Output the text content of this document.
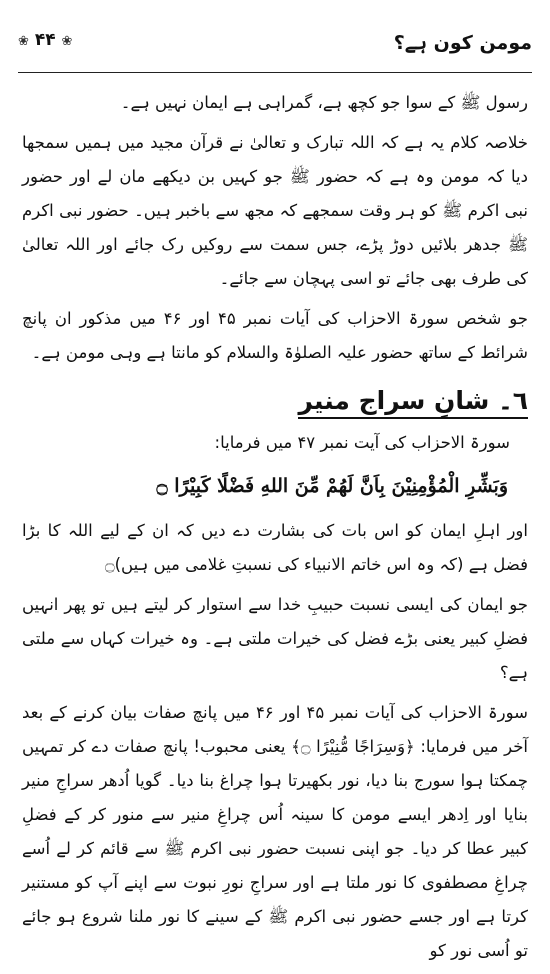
مومن کون ہے؟
❀ ۴۴ ❀

رسول ﷺ کے سوا جو کچھ ہے، گمراہی ہے ایمان نہیں ہے۔

خلاصہ کلام یہ ہے کہ اللہ تبارک و تعالیٰ نے قرآن مجید میں ہمیں سمجھا دیا کہ مومن وہ ہے کہ حضور ﷺ جو کہیں بن دیکھے مان لے اور حضور نبی اکرم ﷺ کو ہر وقت سمجھے کہ مجھ سے باخبر ہیں۔ حضور نبی اکرم ﷺ جدھر بلائیں دوڑ پڑے، جس سمت سے روکیں رک جائے اور اللہ تعالیٰ کی طرف بھی جائے تو اسی پہچان سے جائے۔

جو شخص سورۃ الاحزاب کی آیات نمبر ۴۵ اور ۴۶ میں مذکور ان پانچ شرائط کے ساتھ حضور علیہ الصلوٰۃ والسلام کو مانتا ہے وہی مومن ہے۔

٦۔ شانِ سراج منیر

سورۃ الاحزاب کی آیت نمبر ۴۷ میں فرمایا:

وَبَشِّرِ الْمُؤْمِنِيْنَ بِاَنَّ لَهُمْ مِّنَ اللهِ فَضْلًا كَبِيْرًا ۝

اور اہلِ ایمان کو اس بات کی بشارت دے دیں کہ ان کے لیے اللہ کا بڑا فضل ہے (کہ وہ اس خاتم الانبیاء کی نسبتِ غلامی میں ہیں)۝

جو ایمان کی ایسی نسبت حبیبِ خدا سے استوار کر لیتے ہیں تو پھر انہیں فضلِ کبیر یعنی بڑے فضل کی خیرات ملتی ہے۔ وہ خیرات کہاں سے ملتی ہے؟

سورۃ الاحزاب کی آیات نمبر ۴۵ اور ۴۶ میں پانچ صفات بیان کرنے کے بعد آخر میں فرمایا: ﴿وَسِرَاجًا مُّنِيْرًا ۝﴾ یعنی محبوب! پانچ صفات دے کر تمہیں چمکتا ہوا سورج بنا دیا، نور بکھیرتا ہوا چراغ بنا دیا۔ گویا اُدھر سراجِ منیر بنایا اور اِدھر ایسے مومن کا سینہ اُس چراغِ منیر سے منور کر کے فضلِ کبیر عطا کر دیا۔ جو اپنی نسبت حضور نبی اکرم ﷺ سے قائم کر لے اُسے چراغِ مصطفوی کا نور ملتا ہے اور سراجِ نورِ نبوت سے اپنے آپ کو مستنیر کرتا ہے اور جسے حضور نبی اکرم ﷺ کے سینے کا نور ملنا شروع ہو جائے تو اُسی نور کو
